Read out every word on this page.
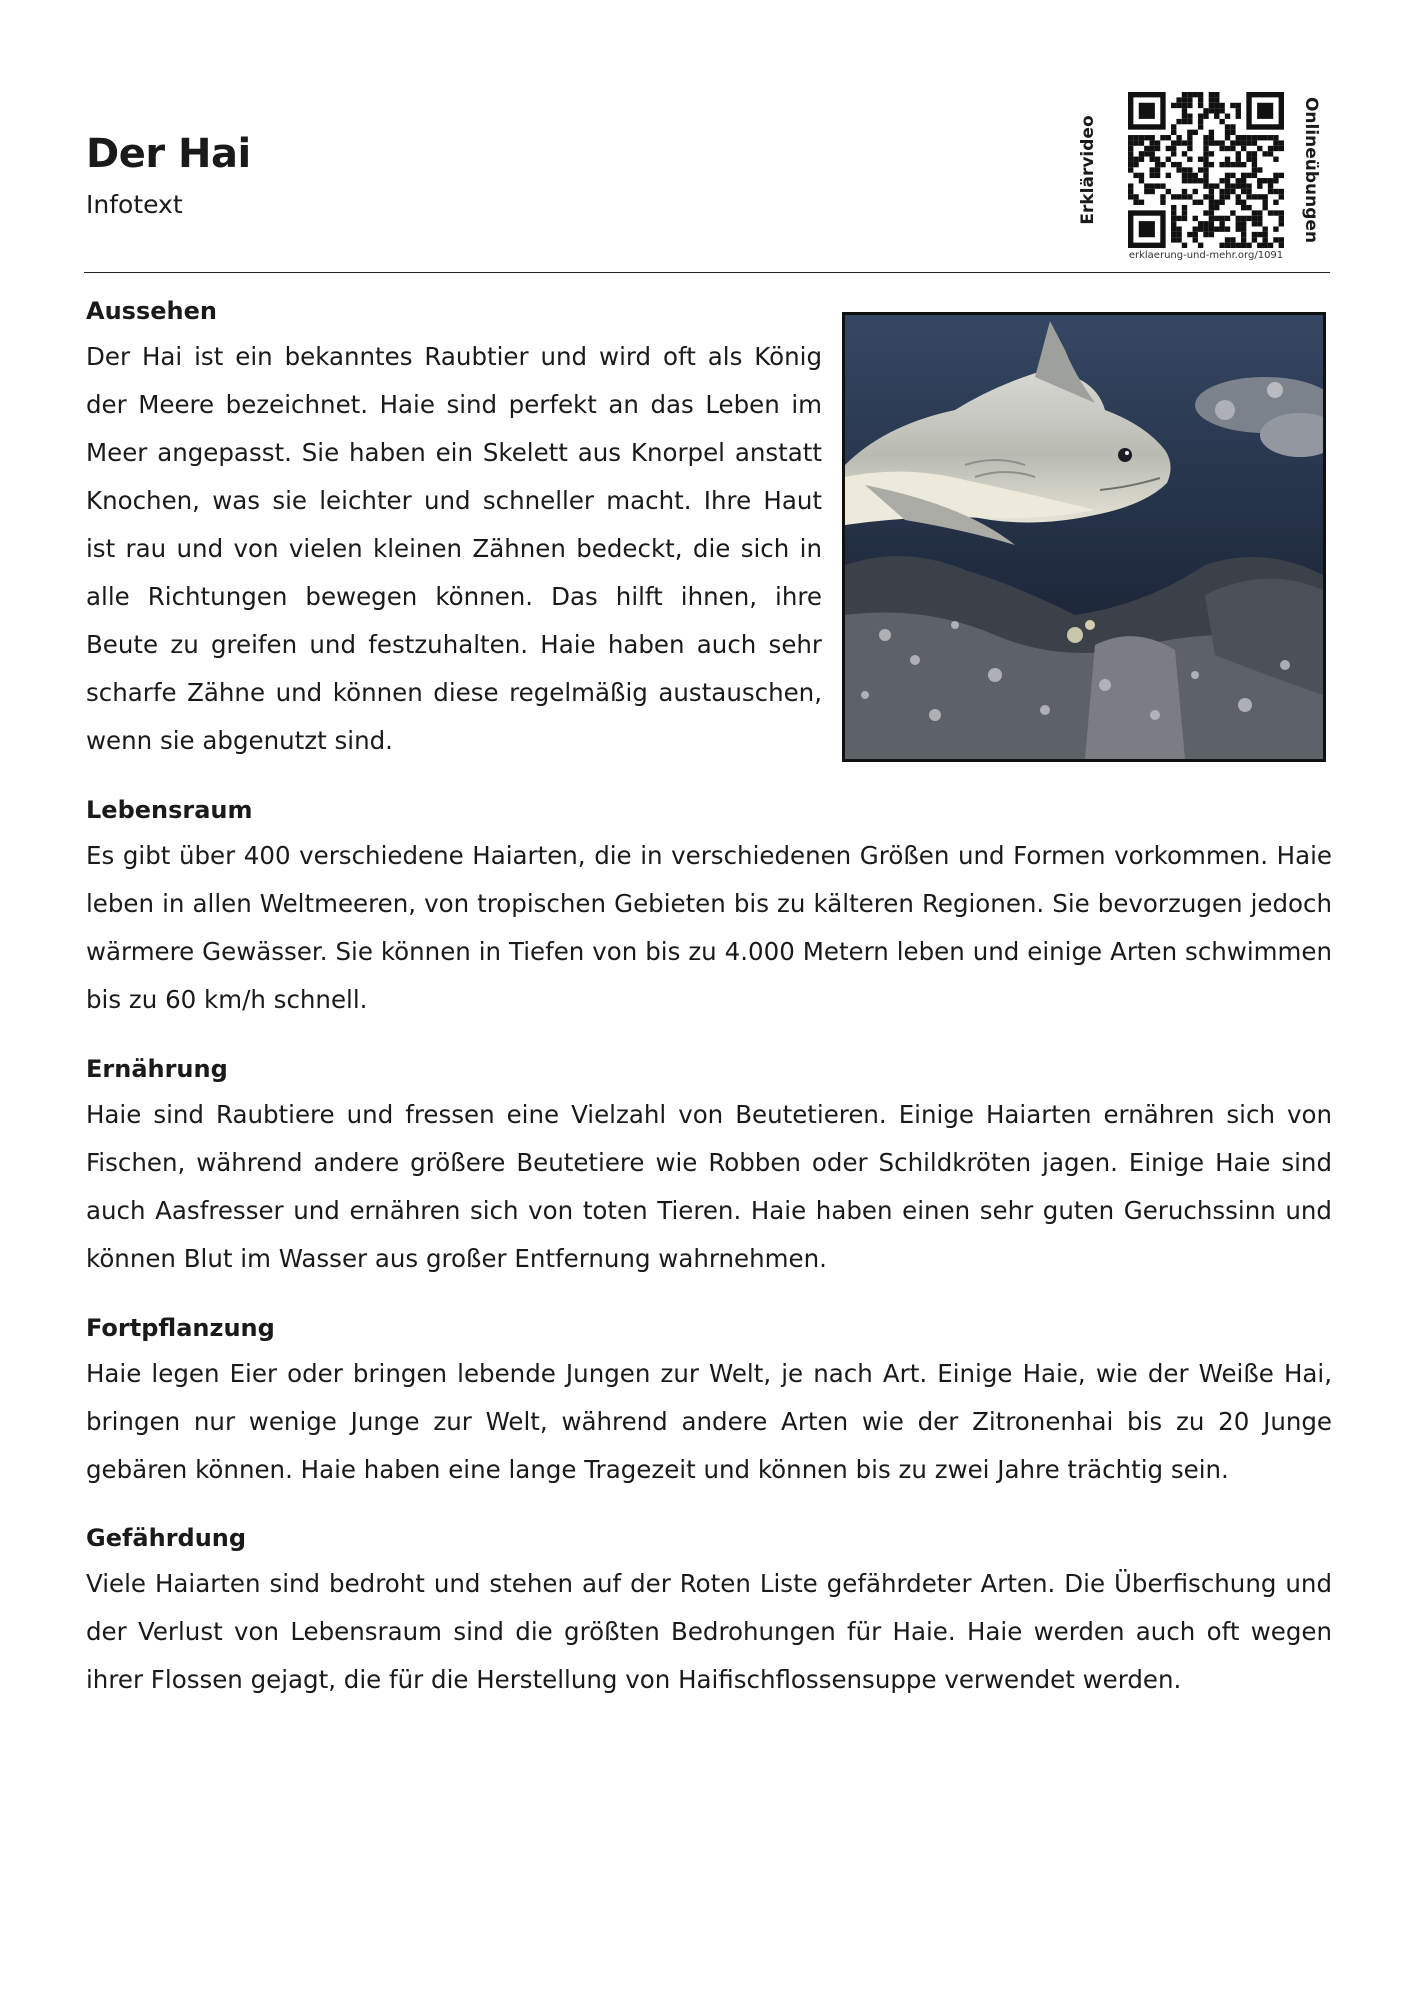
Der Hai
Infotext	Erklärvideo	Onlineübungen
erklaerung-und-mehr.org/1091
Aussehen

Der Hai ist ein bekanntes Raubtier und wird oft als König der Meere bezeichnet. Haie sind perfekt an das Leben im Meer angepasst. Sie haben ein Skelett aus Knorpel anstatt Knochen, was sie leichter und schneller macht. Ihre Haut ist rau und von vielen kleinen Zähnen bedeckt, die sich in alle Richtungen bewegen können. Das hilft ihnen, ihre Beute zu greifen und festzuhalten. Haie haben auch sehr scharfe Zähne und können diese regelmäßig austauschen, wenn sie abgenutzt sind.

Lebensraum

Es gibt über 400 verschiedene Haiarten, die in verschiedenen Größen und Formen vorkommen. Haie leben in allen Weltmeeren, von tropischen Gebieten bis zu kälteren Regionen. Sie bevorzugen jedoch wärmere Gewässer. Sie können in Tiefen von bis zu 4.000 Metern leben und einige Arten schwimmen bis zu 60 km/h schnell.

Ernährung

Haie sind Raubtiere und fressen eine Vielzahl von Beutetieren. Einige Haiarten ernähren sich von Fischen, während andere größere Beutetiere wie Robben oder Schildkröten jagen. Einige Haie sind auch Aasfresser und ernähren sich von toten Tieren. Haie haben einen sehr guten Geruchssinn und können Blut im Wasser aus großer Entfernung wahrnehmen.

Fortpflanzung

Haie legen Eier oder bringen lebende Jungen zur Welt, je nach Art. Einige Haie, wie der Weiße Hai, bringen nur wenige Junge zur Welt, während andere Arten wie der Zitronenhai bis zu 20 Junge gebären können. Haie haben eine lange Tragezeit und können bis zu zwei Jahre trächtig sein.

Gefährdung

Viele Haiarten sind bedroht und stehen auf der Roten Liste gefährdeter Arten. Die Überfischung und der Verlust von Lebensraum sind die größten Bedrohungen für Haie. Haie werden auch oft wegen ihrer Flossen gejagt, die für die Herstellung von Haifischflossensuppe verwendet werden.
